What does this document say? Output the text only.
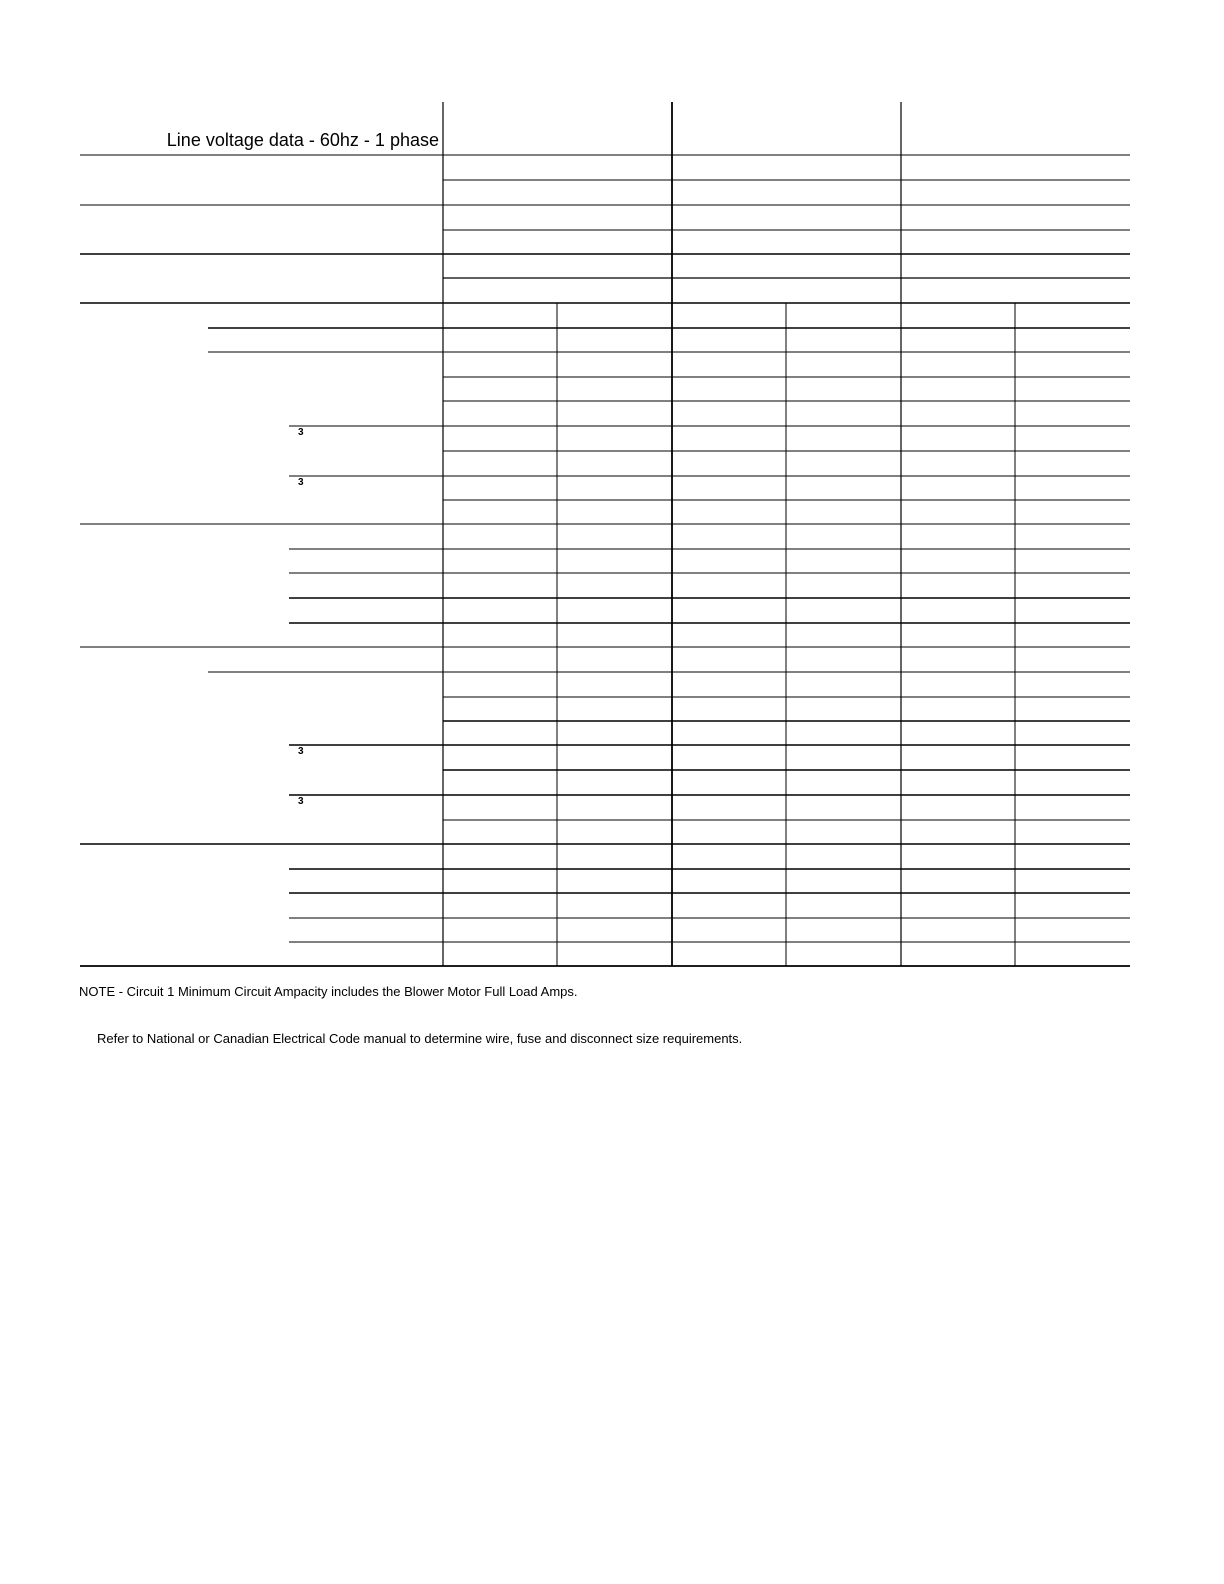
Line voltage data - 60hz - 1 phase
3
3
3
3
NOTE - Circuit 1 Minimum Circuit Ampacity includes the Blower Motor Full Load Amps.
Refer to National or Canadian Electrical Code manual to determine wire, fuse and disconnect size requirements.
